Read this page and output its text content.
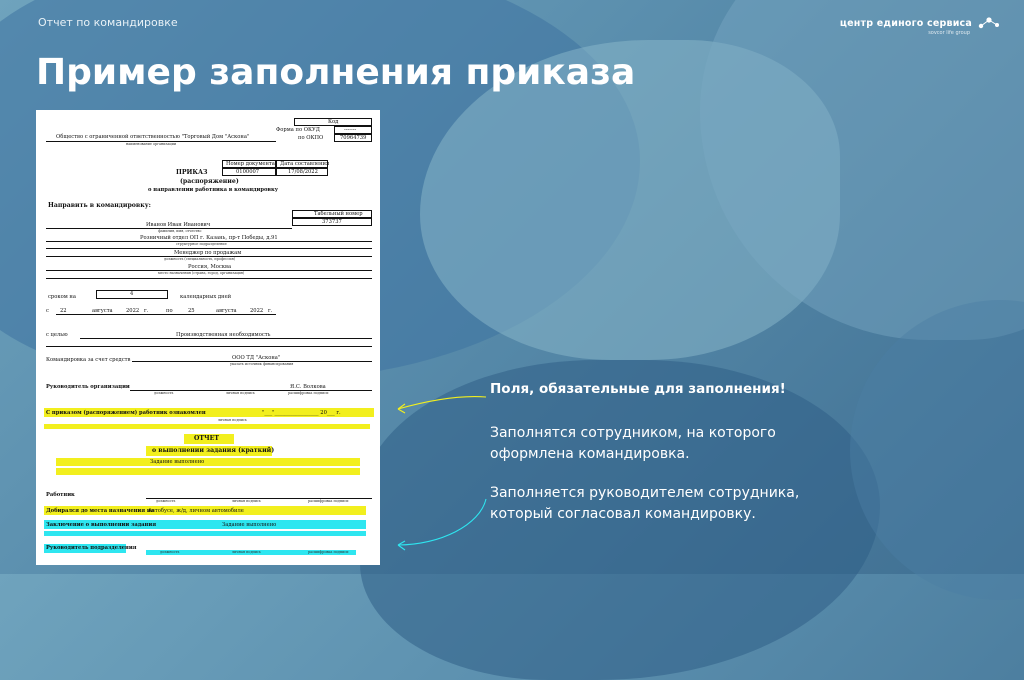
Отчет по командировке	центр единого сервиса
sovcor life group
Пример заполнения приказа
Код
Форма по ОКУД	-------
по ОКПО	70964739
Общество с ограниченной ответственностью "Торговый Дом "Аскона"
наименование организации
Номер документа Дата составления
0100007	17/08/2022
ПРИКАЗ
(распоряжение)
о направлении работника в командировку
Направить в командировку:
Табельный номер
373737
Иванов Иван Иванович
фамилия, имя, отчество
Розничный отдел ОП г. Казань, пр-т Победы, д.91
структурное подразделение
Менеджер по продажам
должность (специальность, профессия)
Россия, Москва
место назначения (страна, город, организация)
сроком на	4	календарных дней
с 22	августа	2022 г.	по	25	августа	2022 г.
с целью	Производственная необходимость
Командировка за счет средств	ООО ТД "Аскона"
указать источник финансирования
Руководитель организации	Я.С. Волкова
должность	личная подпись	расшифровка подписи
С приказом (распоряжением) работник ознакомлен	"___"_________________ 20___ г.
личная подпись
ОТЧЕТ
о выполнении задания (краткий)
Задание выполнено
Работник
должность	личная подпись	расшифровка подписи
Добирался до места назначения на
Автобусе, ж/д, личном автомобиле
Заключение о выполнении задания	Задание выполнено
Руководитель подразделения
должность	личная подпись	расшифровка подписи
Поля, обязательные для заполнения!
Заполнятся сотрудником, на которого оформлена командировка.
Заполняется руководителем сотрудника, который согласовал командировку.
